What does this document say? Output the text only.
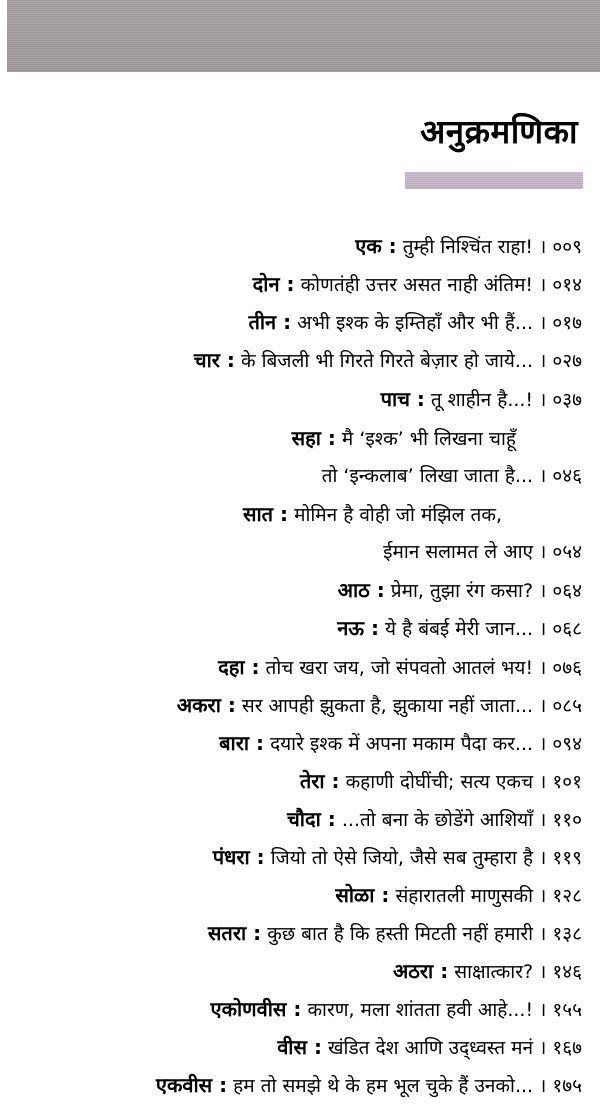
अनुक्रमणिका
एक : तुम्ही निश्चिंत राहा! । ००९
दोन : कोणतंही उत्तर असत नाही अंतिम! । ०१४
तीन : अभी इश्क के इम्तिहाँ और भी हैं... । ०१७
चार : के बिजली भी गिरते गिरते बेज़ार हो जाये... । ०२७
पाच : तू शाहीन है...! । ०३७
सहा : मै ‘इश्क’ भी लिखना चाहूँ
तो ‘इन्कलाब’ लिखा जाता है... । ०४६
सात : मोमिन है वोही जो मंझिल तक,
ईमान सलामत ले आए । ०५४
आठ : प्रेमा, तुझा रंग कसा? । ०६४
नऊ : ये है बंबई मेरी जान... । ०६८
दहा : तोच खरा जय, जो संपवतो आतलं भय! । ०७६
अकरा : सर आपही झुकता है, झुकाया नहीं जाता... । ०८५
बारा : दयारे इश्क में अपना मकाम पैदा कर... । ०९४
तेरा : कहाणी दोघींची; सत्य एकच । १०१
चौदा : ...तो बना के छोडेंगे आशियाँ । ११०
पंधरा : जियो तो ऐसे जियो, जैसे सब तुम्हारा है । ११९
सोळा : संहारातली माणुसकी । १२८
सतरा : कुछ बात है कि हस्ती मिटती नहीं हमारी । १३८
अठरा : साक्षात्कार? । १४६
एकोणवीस : कारण, मला शांतता हवी आहे...! । १५५
वीस : खंडित देश आणि उद्ध्वस्त मनं । १६७
एकवीस : हम तो समझे थे के हम भूल चुके हैं उनको... । १७५
